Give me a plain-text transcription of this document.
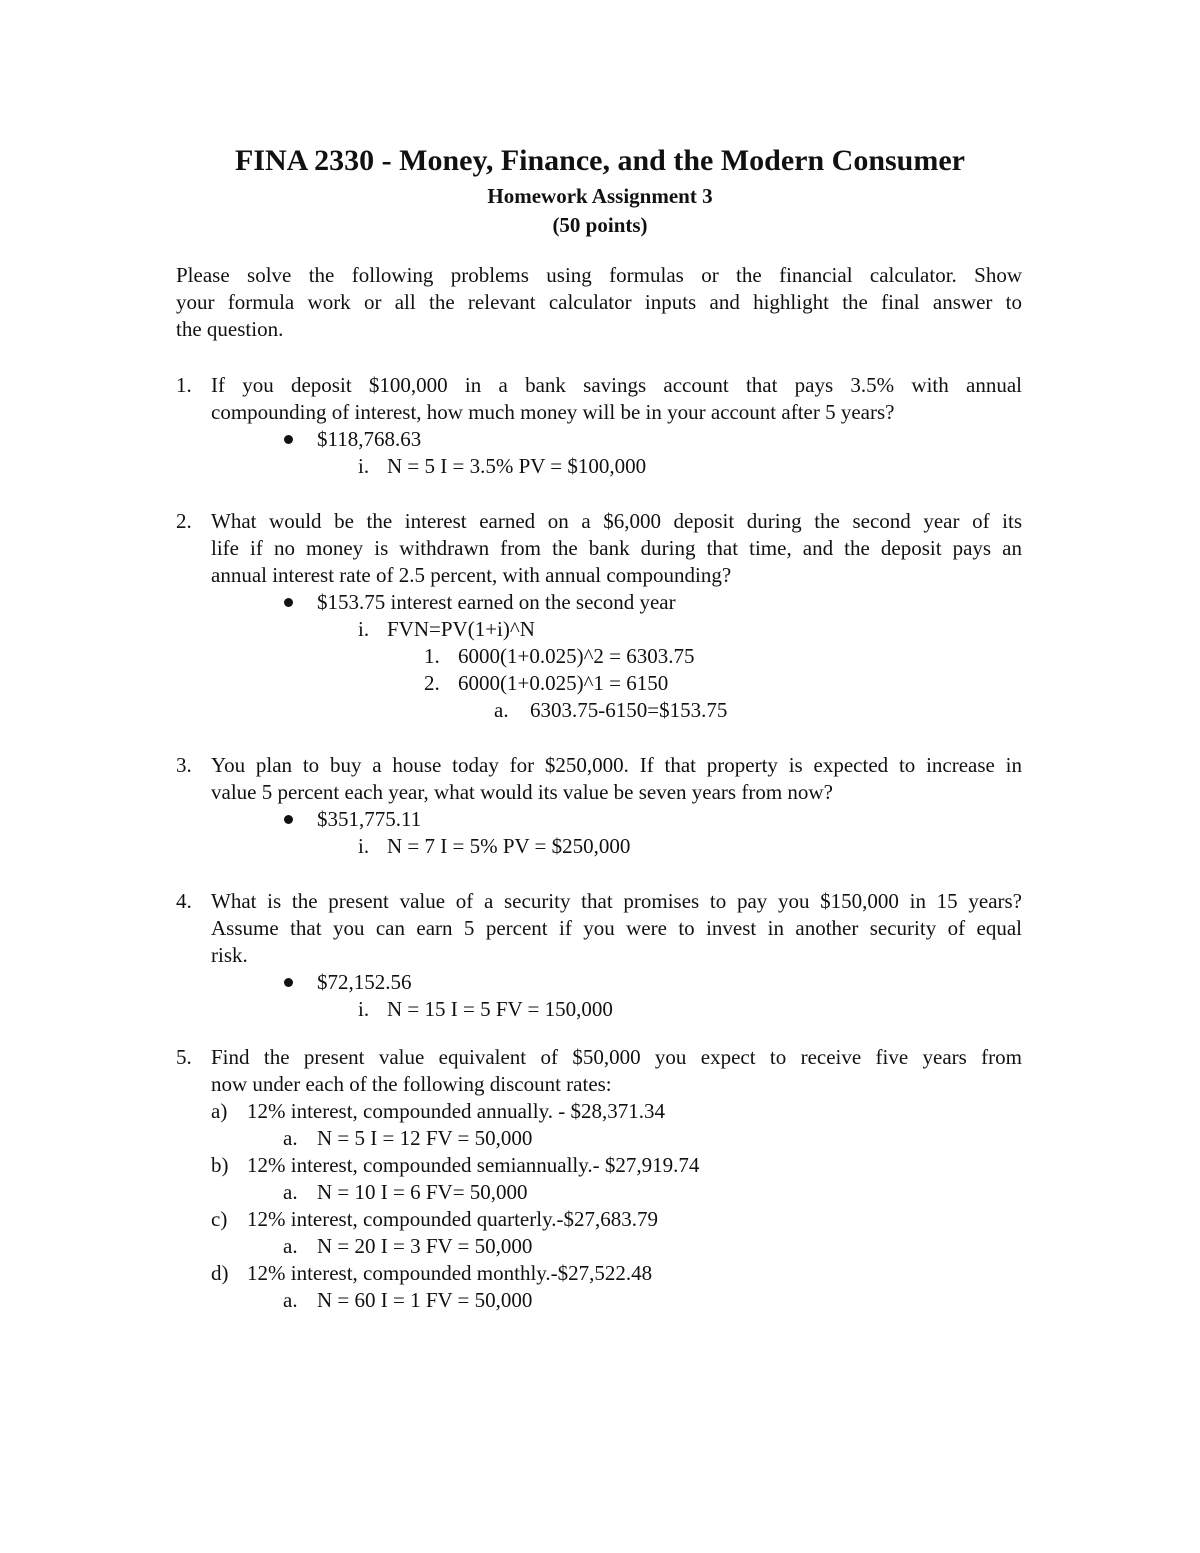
FINA 2330 - Money, Finance, and the Modern Consumer
Homework Assignment 3
(50 points)
Please solve the following problems using formulas or the financial calculator. Show
your formula work or all the relevant calculator inputs and highlight the final answer to
the question.
1. If you deposit $100,000 in a bank savings account that pays 3.5% with annual
compounding of interest, how much money will be in your account after 5 years?
$118,768.63
i. N = 5 I = 3.5% PV = $100,000
2. What would be the interest earned on a $6,000 deposit during the second year of its
life if no money is withdrawn from the bank during that time, and the deposit pays an
annual interest rate of 2.5 percent, with annual compounding?
$153.75 interest earned on the second year
i. FVN=PV(1+i)^N
1. 6000(1+0.025)^2 = 6303.75
2. 6000(1+0.025)^1 = 6150
a. 6303.75-6150=$153.75
3. You plan to buy a house today for $250,000. If that property is expected to increase in
value 5 percent each year, what would its value be seven years from now?
$351,775.11
i. N = 7 I = 5% PV = $250,000
4. What is the present value of a security that promises to pay you $150,000 in 15 years?
Assume that you can earn 5 percent if you were to invest in another security of equal
risk.
$72,152.56
i. N = 15 I = 5 FV = 150,000
5. Find the present value equivalent of $50,000 you expect to receive five years from
now under each of the following discount rates:
a) 12% interest, compounded annually. - $28,371.34
a. N = 5 I = 12 FV = 50,000
b) 12% interest, compounded semiannually.- $27,919.74
a. N = 10 I = 6 FV= 50,000
c) 12% interest, compounded quarterly.-$27,683.79
a. N = 20 I = 3 FV = 50,000
d) 12% interest, compounded monthly.-$27,522.48
a. N = 60 I = 1 FV = 50,000
